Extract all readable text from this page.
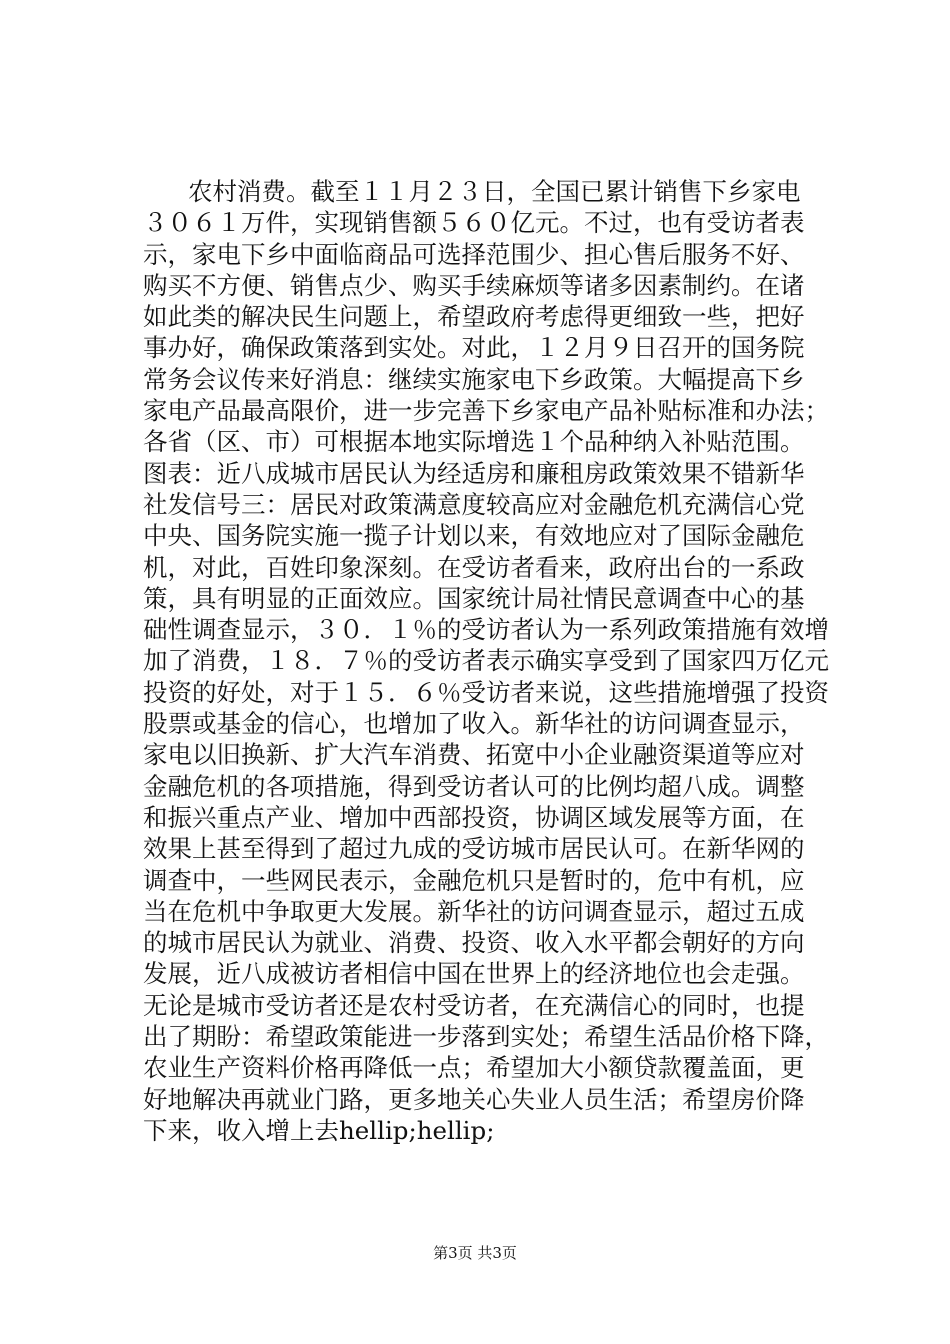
农村消费。截至１１月２３日，全国已累计销售下乡家电
３０６１万件，实现销售额５６０亿元。不过，也有受访者表
示，家电下乡中面临商品可选择范围少、担心售后服务不好、
购买不方便、销售点少、购买手续麻烦等诸多因素制约。在诸
如此类的解决民生问题上，希望政府考虑得更细致一些，把好
事办好，确保政策落到实处。对此，１２月９日召开的国务院
常务会议传来好消息：继续实施家电下乡政策。大幅提高下乡
家电产品最高限价，进一步完善下乡家电产品补贴标准和办法；
各省（区、市）可根据本地实际增选１个品种纳入补贴范围。
图表：近八成城市居民认为经适房和廉租房政策效果不错新华
社发信号三：居民对政策满意度较高应对金融危机充满信心党
中央、国务院实施一揽子计划以来，有效地应对了国际金融危
机，对此，百姓印象深刻。在受访者看来，政府出台的一系政
策，具有明显的正面效应。国家统计局社情民意调查中心的基
础性调查显示，３０．１％的受访者认为一系列政策措施有效增
加了消费，１８．７％的受访者表示确实享受到了国家四万亿元
投资的好处，对于１５．６％受访者来说，这些措施增强了投资
股票或基金的信心，也增加了收入。新华社的访问调查显示，
家电以旧换新、扩大汽车消费、拓宽中小企业融资渠道等应对
金融危机的各项措施，得到受访者认可的比例均超八成。调整
和振兴重点产业、增加中西部投资，协调区域发展等方面，在
效果上甚至得到了超过九成的受访城市居民认可。在新华网的
调查中，一些网民表示，金融危机只是暂时的，危中有机，应
当在危机中争取更大发展。新华社的访问调查显示，超过五成
的城市居民认为就业、消费、投资、收入水平都会朝好的方向
发展，近八成被访者相信中国在世界上的经济地位也会走强。
无论是城市受访者还是农村受访者，在充满信心的同时，也提
出了期盼：希望政策能进一步落到实处；希望生活品价格下降，
农业生产资料价格再降低一点；希望加大小额贷款覆盖面，更
好地解决再就业门路，更多地关心失业人员生活；希望房价降
下来，收入增上去hellip;hellip;
第3页 共3页
